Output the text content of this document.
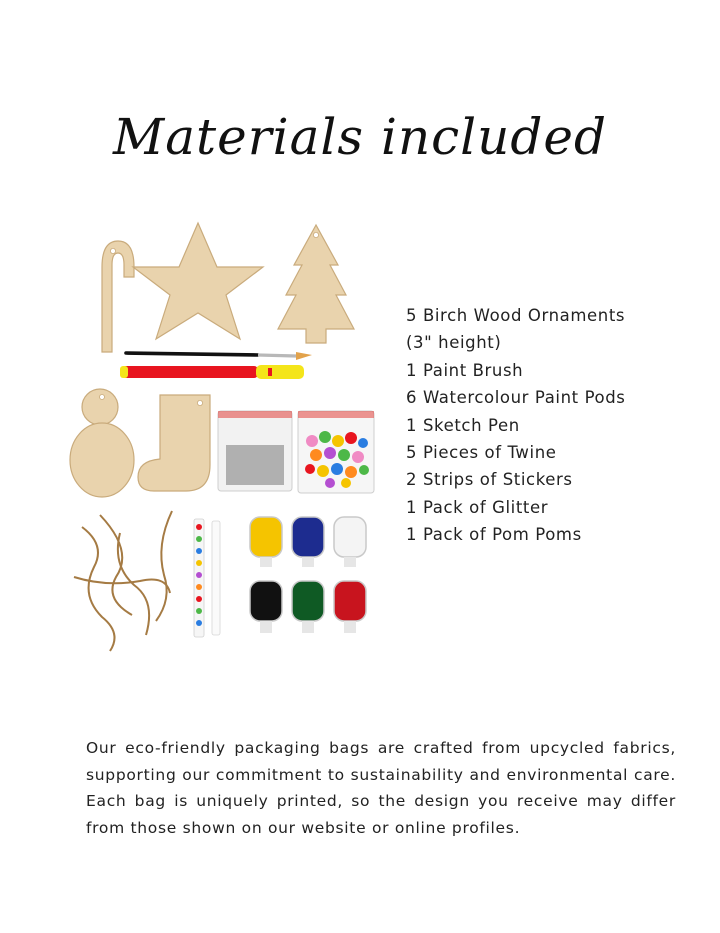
Materials included
5 Birch Wood Ornaments
(3" height)
1 Paint Brush
6 Watercolour Paint Pods
1 Sketch Pen
5 Pieces of Twine
2 Strips of Stickers
1 Pack of Glitter
1 Pack of Pom Poms

Our eco-friendly packaging bags are crafted from upcycled fabrics, supporting our commitment to sustainability and environmental care. Each bag is uniquely printed, so the design you receive may differ from those shown on our website or online profiles.
